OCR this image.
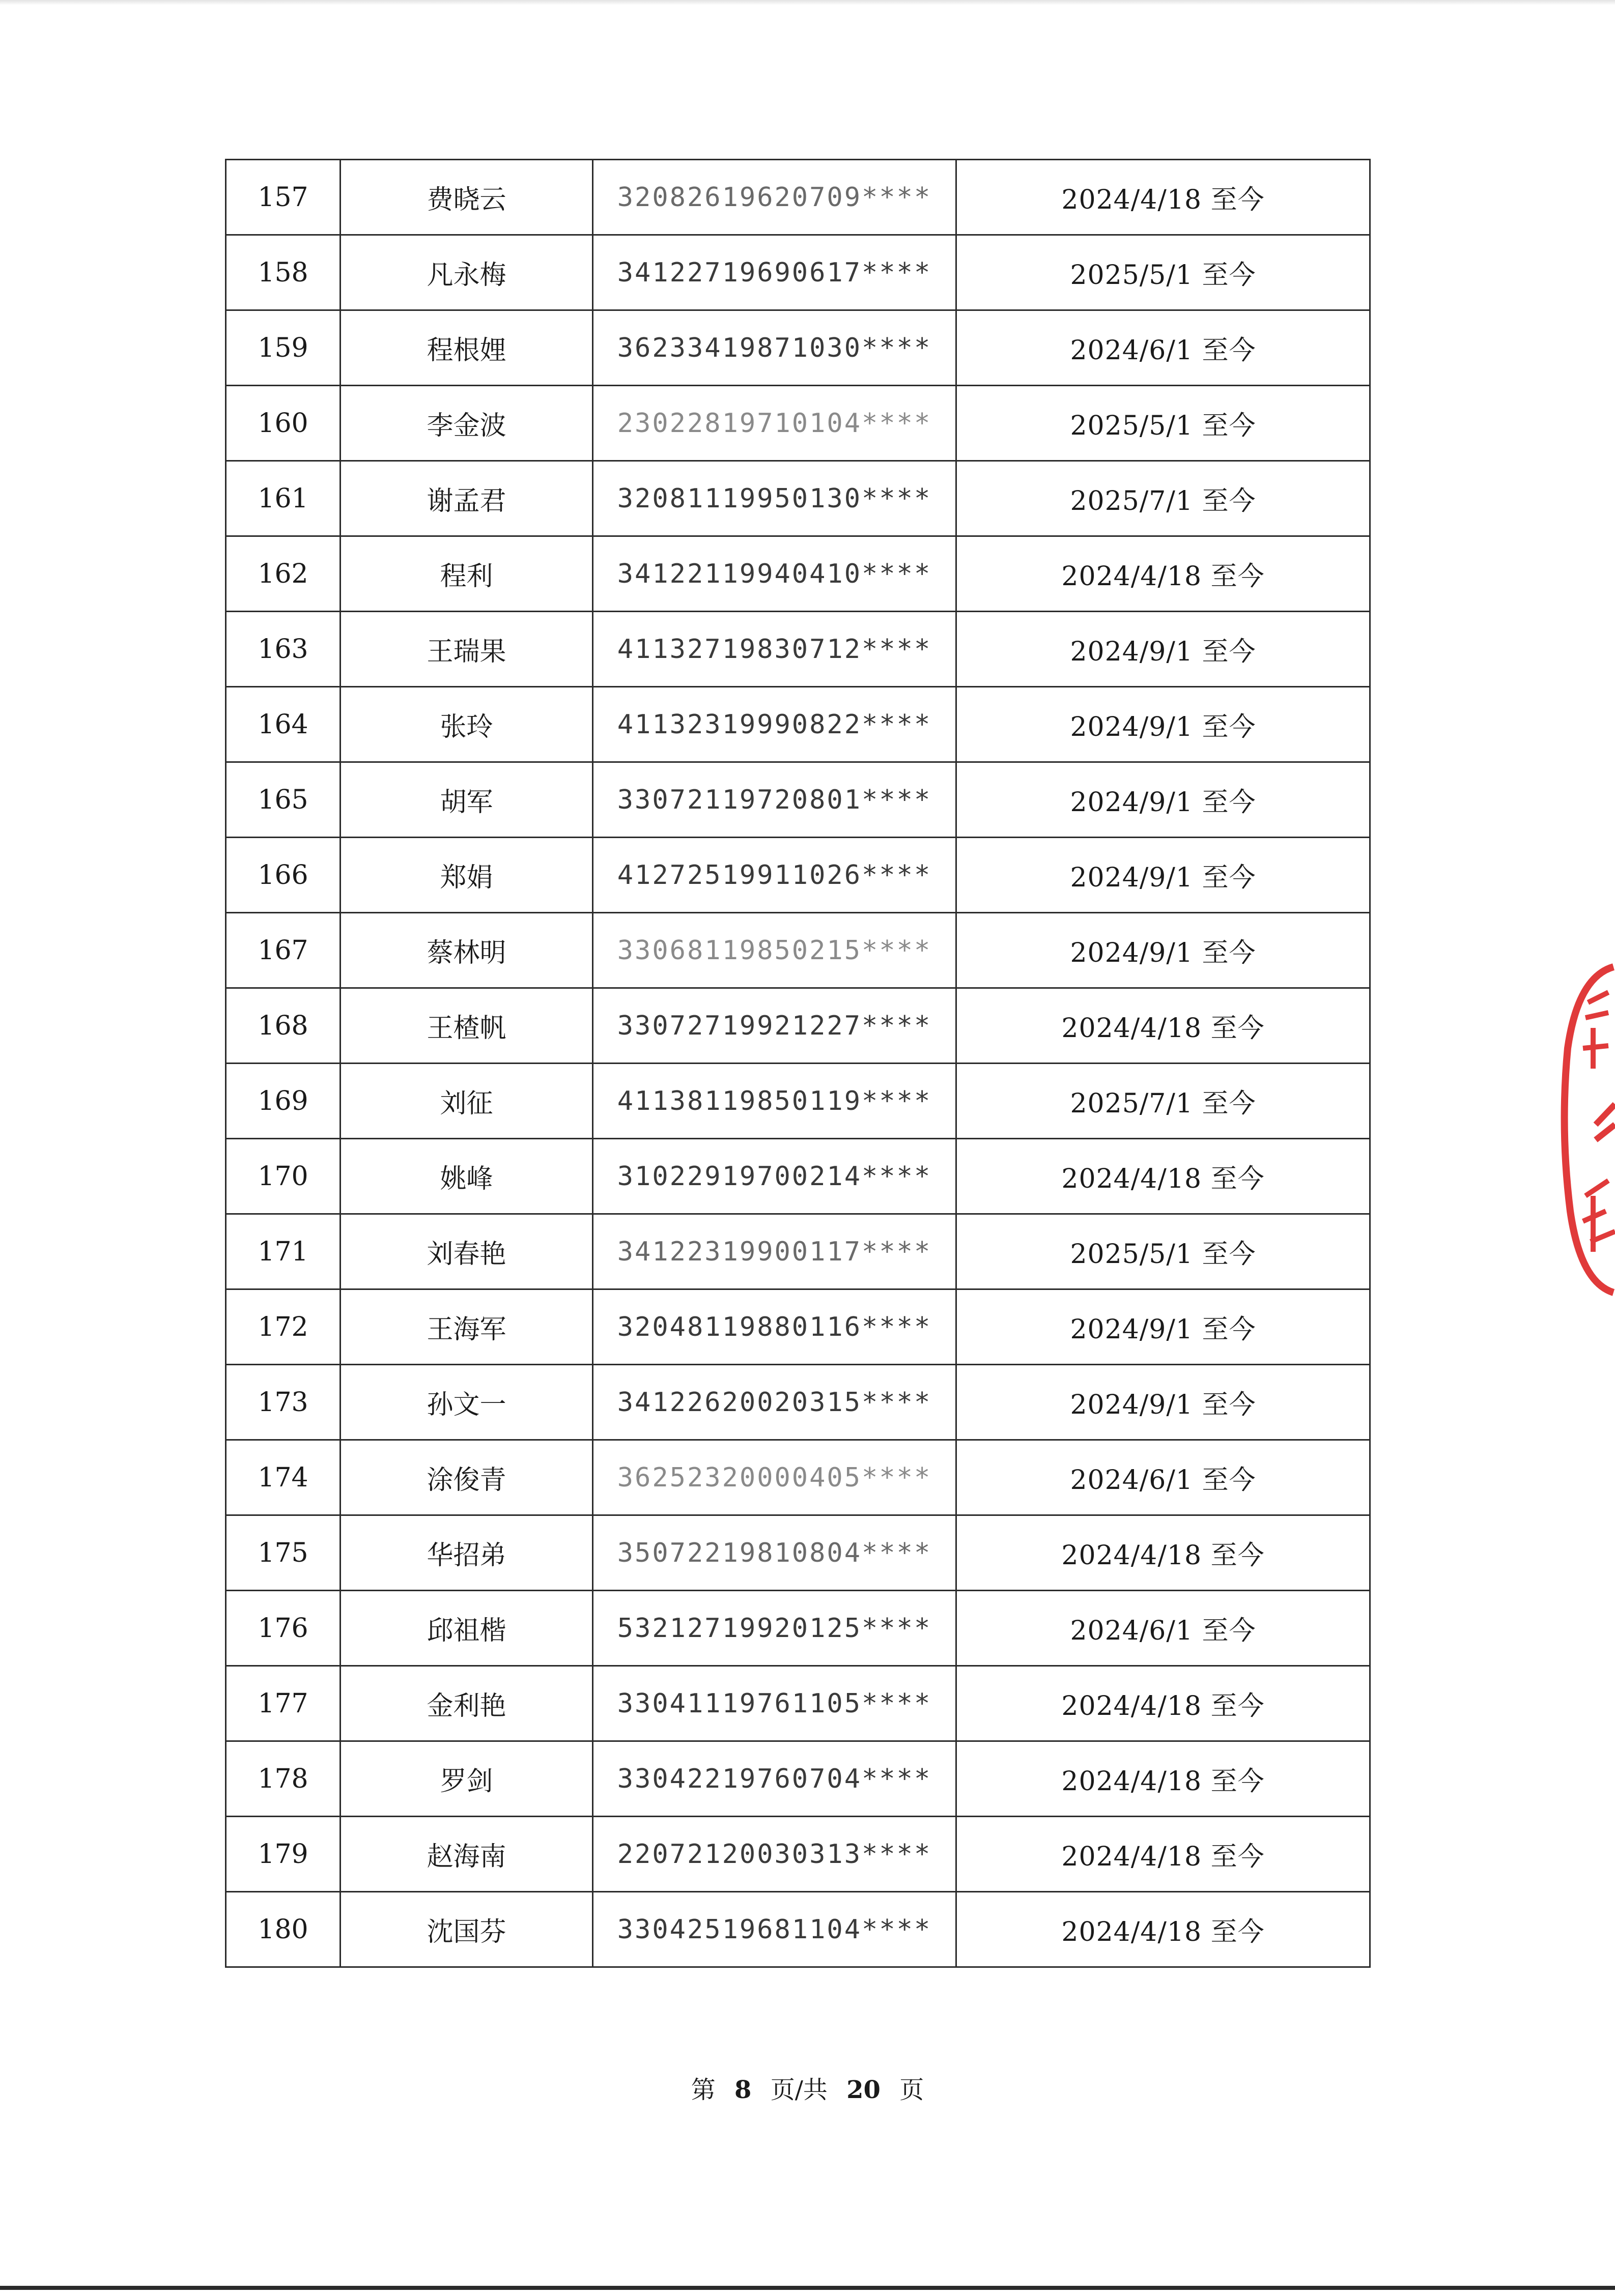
157	费晓云	32082619620709****	2024/4/18 至今
158	凡永梅	34122719690617****	2025/5/1 至今
159	程根娌	36233419871030****	2024/6/1 至今
160	李金波	23022819710104****	2025/5/1 至今
161	谢孟君	32081119950130****	2025/7/1 至今
162	程利	34122119940410****	2024/4/18 至今
163	王瑞果	41132719830712****	2024/9/1 至今
164	张玲	41132319990822****	2024/9/1 至今
165	胡军	33072119720801****	2024/9/1 至今
166	郑娟	41272519911026****	2024/9/1 至今
167	蔡林明	33068119850215****	2024/9/1 至今
168	王楂帆	33072719921227****	2024/4/18 至今
169	刘征	41138119850119****	2025/7/1 至今
170	姚峰	31022919700214****	2024/4/18 至今
171	刘春艳	34122319900117****	2025/5/1 至今
172	王海军	32048119880116****	2024/9/1 至今
173	孙文一	34122620020315****	2024/9/1 至今
174	涂俊青	36252320000405****	2024/6/1 至今
175	华招弟	35072219810804****	2024/4/18 至今
176	邱祖楷	53212719920125****	2024/6/1 至今
177	金利艳	33041119761105****	2024/4/18 至今
178	罗剑	33042219760704****	2024/4/18 至今
179	赵海南	22072120030313****	2024/4/18 至今
180	沈国芬	33042519681104****	2024/4/18 至今
第 8 页/共 20 页
